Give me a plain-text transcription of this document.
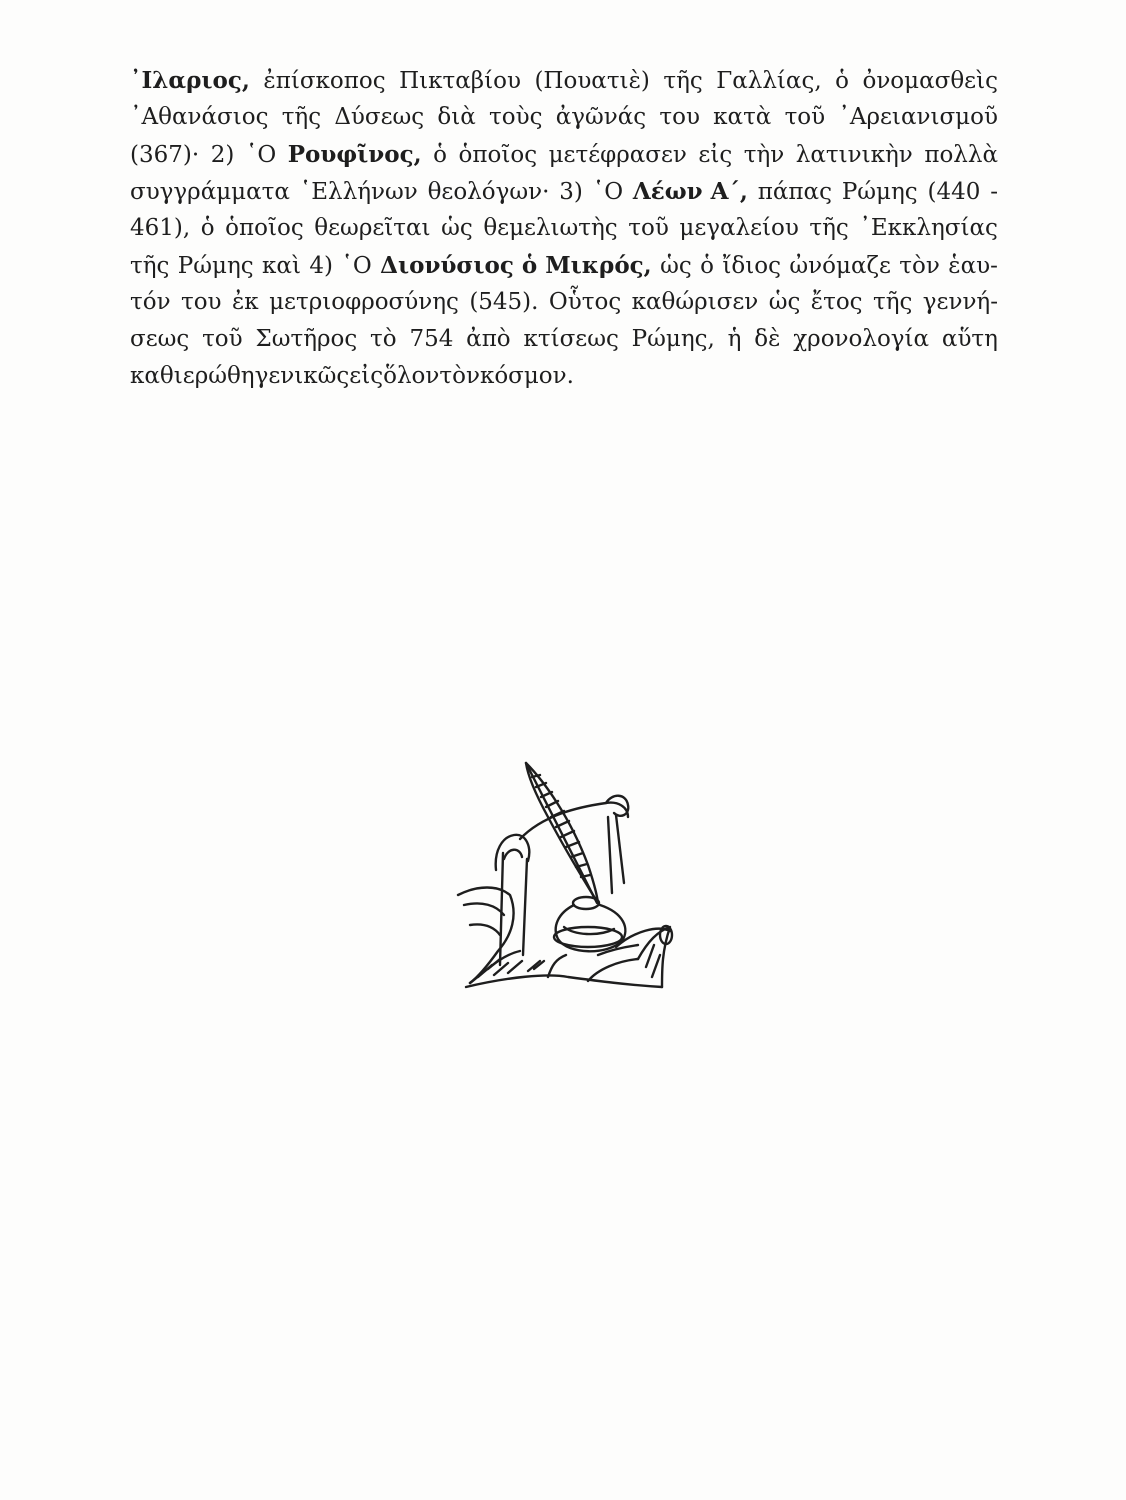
᾿Ιλαριος, ἐπίσκοπος Πικταβίου (Πουατιὲ) τῆς Γαλλίας, ὁ ὀνομασθεὶς
᾿Αθανάσιος τῆς Δύσεως διὰ τοὺς ἀγῶνάς του κατὰ τοῦ ᾿Αρειανισμοῦ
(367)· 2) ῾Ο Ρουφῖνος, ὁ ὁποῖος μετέφρασεν εἰς τὴν λατινικὴν πολλὰ
συγγράμματα ῾Ελλήνων θεολόγων· 3) ῾Ο Λέων Α΄, πάπας Ρώμης (440 -
461), ὁ ὁποῖος θεωρεῖται ὡς θεμελιωτὴς τοῦ μεγαλείου τῆς ᾿Εκκλησίας
τῆς Ρώμης καὶ 4) ῾Ο Διονύσιος ὁ Μικρός, ὡς ὁ ἴδιος ὠνόμαζε τὸν ἑαυ-
τόν του ἐκ μετριοφροσύνης (545). Οὗτος καθώρισεν ὡς ἔτος τῆς γεννή-
σεως τοῦ Σωτῆρος τὸ 754 ἀπὸ κτίσεως Ρώμης, ἡ δὲ χρονολογία αὕτη
καθιερώθη γενικῶς εἰς ὅλον τὸν κόσμον.
